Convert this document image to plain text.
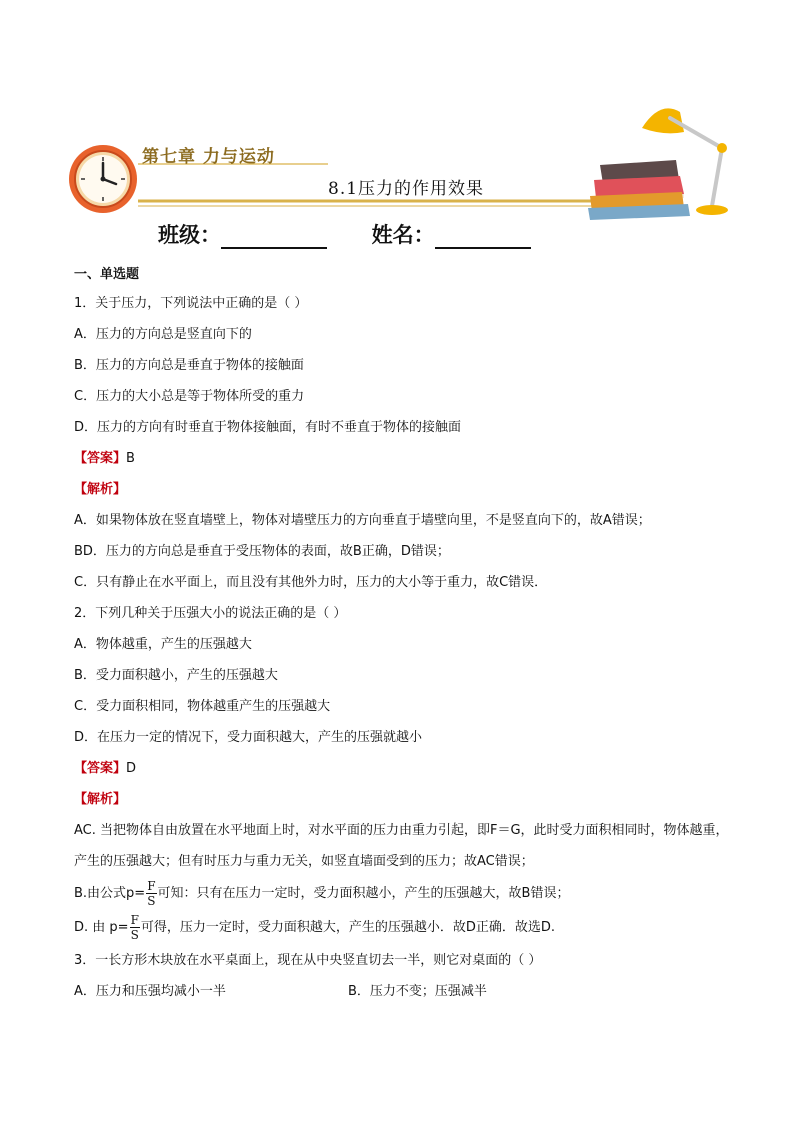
第七章 力与运动
8.1压力的作用效果
班级：	姓名：
一、单选题
1．关于压力，下列说法中正确的是（ ）
A．压力的方向总是竖直向下的
B．压力的方向总是垂直于物体的接触面
C．压力的大小总是等于物体所受的重力
D．压力的方向有时垂直于物体接触面，有时不垂直于物体的接触面
【答案】B
【解析】
A．如果物体放在竖直墙壁上，物体对墙壁压力的方向垂直于墙壁向里，不是竖直向下的，故A错误；
BD．压力的方向总是垂直于受压物体的表面，故B正确，D错误；
C．只有静止在水平面上，而且没有其他外力时，压力的大小等于重力，故C错误．
2．下列几种关于压强大小的说法正确的是（ ）
A．物体越重，产生的压强越大
B．受力面积越小，产生的压强越大
C．受力面积相同，物体越重产生的压强越大
D．在压力一定的情况下，受力面积越大，产生的压强就越小
【答案】D
【解析】
AC. 当把物体自由放置在水平地面上时，对水平面的压力由重力引起，即F＝G，此时受力面积相同时，物体越重，产生的压强越大；但有时压力与重力无关，如竖直墙面受到的压力；故AC错误；
B.由公式$p= \frac{F}{S}$ 可知：只有在压力一定时，受力面积越小，产生的压强越大，故B错误；
D. 由 $p= \frac{F}{S}$ 可得，压力一定时，受力面积越大，产生的压强越小．故D正确．故选D.
3．一长方形木块放在水平桌面上，现在从中央竖直切去一半，则它对桌面的（ ）
A．压力和压强均减小一半	B．压力不变；压强减半
